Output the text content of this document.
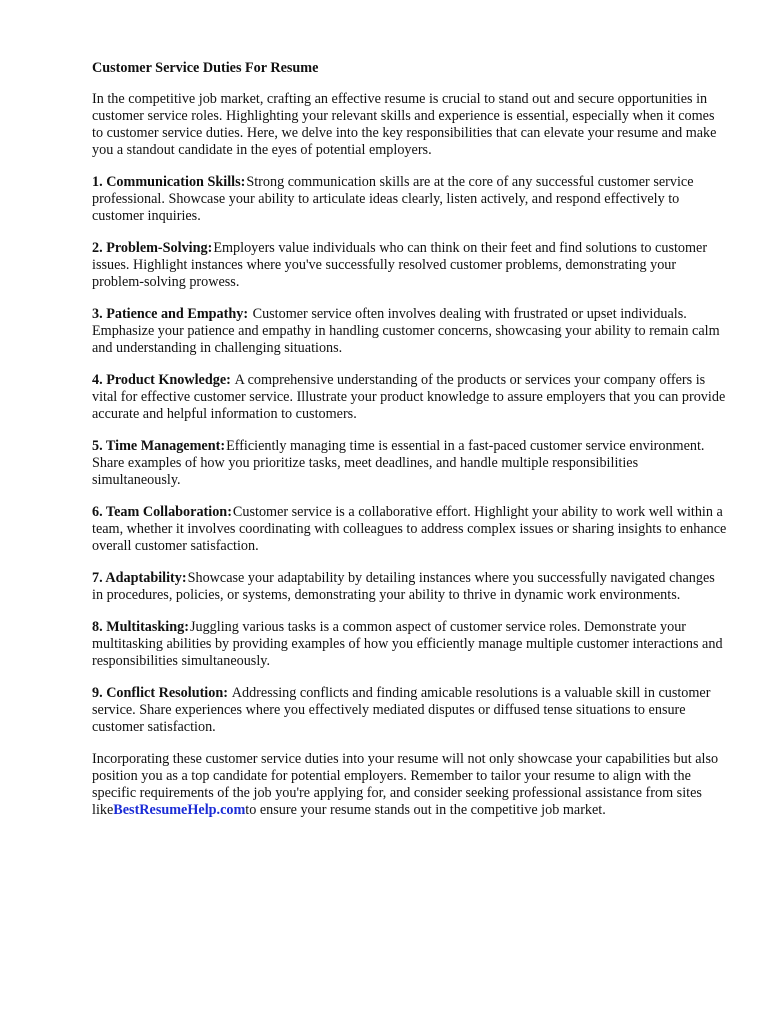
Customer Service Duties For Resume

In the competitive job market, crafting an effective resume is crucial to stand out and secure opportunities in customer service roles. Highlighting your relevant skills and experience is essential, especially when it comes to customer service duties. Here, we delve into the key responsibilities that can elevate your resume and make you a standout candidate in the eyes of potential employers.

1. Communication Skills:Strong communication skills are at the core of any successful customer service professional. Showcase your ability to articulate ideas clearly, listen actively, and respond effectively to customer inquiries.

2. Problem-Solving:Employers value individuals who can think on their feet and find solutions to customer issues. Highlight instances where you've successfully resolved customer problems, demonstrating your problem-solving prowess.

3. Patience and Empathy: Customer service often involves dealing with frustrated or upset individuals. Emphasize your patience and empathy in handling customer concerns, showcasing your ability to remain calm and understanding in challenging situations.

4. Product Knowledge: A comprehensive understanding of the products or services your company offers is vital for effective customer service. Illustrate your product knowledge to assure employers that you can provide accurate and helpful information to customers.

5. Time Management:Efficiently managing time is essential in a fast-paced customer service environment. Share examples of how you prioritize tasks, meet deadlines, and handle multiple responsibilities simultaneously.

6. Team Collaboration:Customer service is a collaborative effort. Highlight your ability to work well within a team, whether it involves coordinating with colleagues to address complex issues or sharing insights to enhance overall customer satisfaction.

7. Adaptability:Showcase your adaptability by detailing instances where you successfully navigated changes in procedures, policies, or systems, demonstrating your ability to thrive in dynamic work environments.

8. Multitasking:Juggling various tasks is a common aspect of customer service roles. Demonstrate your multitasking abilities by providing examples of how you efficiently manage multiple customer interactions and responsibilities simultaneously.

9. Conflict Resolution: Addressing conflicts and finding amicable resolutions is a valuable skill in customer service. Share experiences where you effectively mediated disputes or diffused tense situations to ensure customer satisfaction.

Incorporating these customer service duties into your resume will not only showcase your capabilities but also position you as a top candidate for potential employers. Remember to tailor your resume to align with the specific requirements of the job you're applying for, and consider seeking professional assistance from sites likeBestResumeHelp.comto ensure your resume stands out in the competitive job market.
